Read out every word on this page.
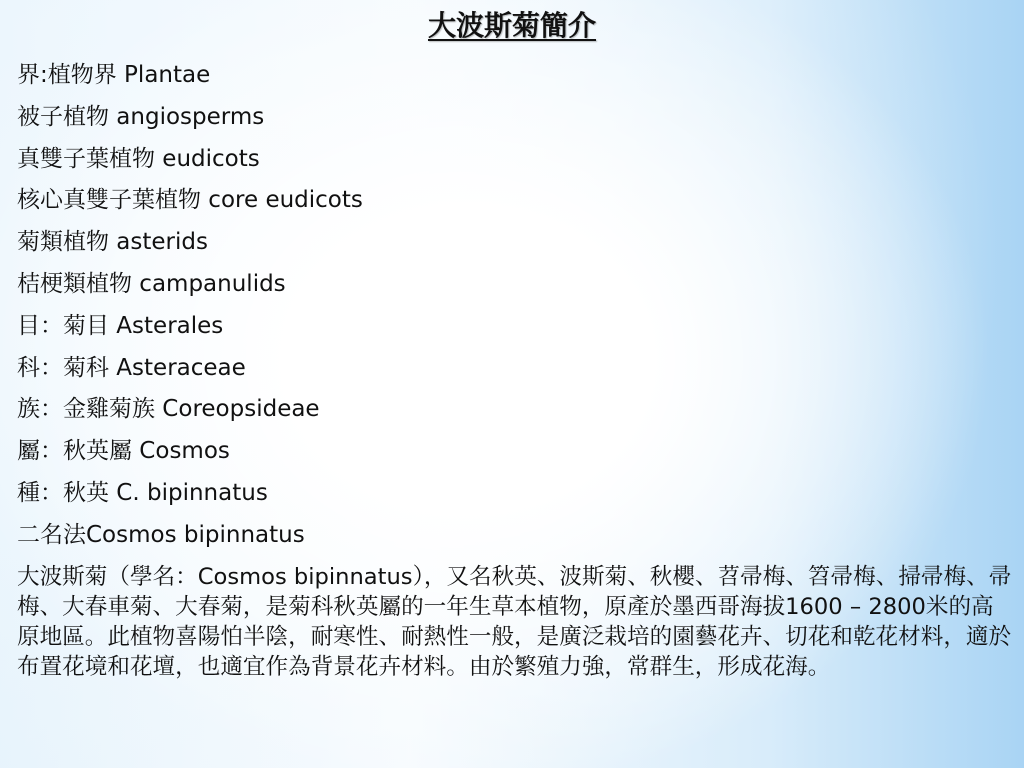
大波斯菊簡介
界:植物界 Plantae
被子植物 angiosperms
真雙子葉植物 eudicots
核心真雙子葉植物 core eudicots
菊類植物 asterids
桔梗類植物 campanulids
目：菊目 Asterales
科：菊科 Asteraceae
族：金雞菊族 Coreopsideae
屬：秋英屬 Cosmos
種：秋英 C. bipinnatus
二名法Cosmos bipinnatus
大波斯菊（學名：Cosmos bipinnatus），又名秋英、波斯菊、秋櫻、苕帚梅、笤帚梅、掃帚梅、帚梅、大春車菊、大春菊，是菊科秋英屬的一年生草本植物，原產於墨西哥海拔1600 – 2800米的高原地區。此植物喜陽怕半陰，耐寒性、耐熱性一般，是廣泛栽培的園藝花卉、切花和乾花材料，適於布置花境和花壇，也適宜作為背景花卉材料。由於繁殖力強，常群生，形成花海。
